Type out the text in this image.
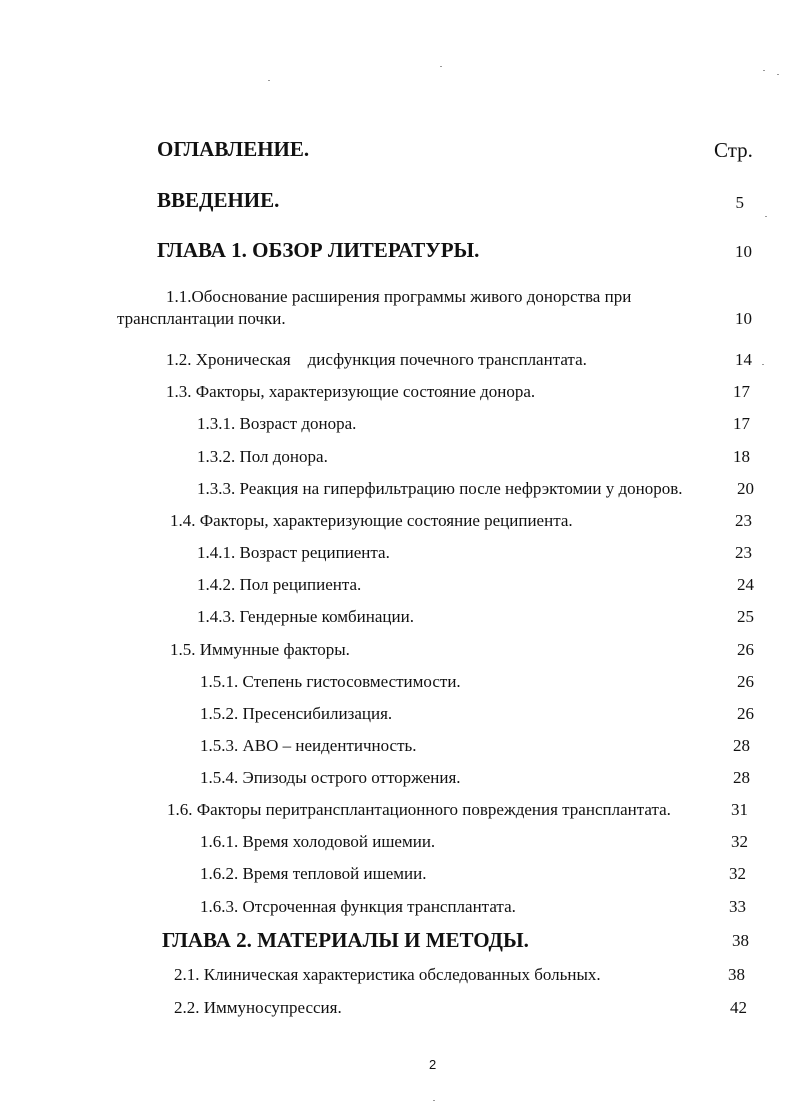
ОГЛАВЛЕНИЕ.	Стр.
ВВЕДЕНИЕ.	5
ГЛАВА 1. ОБЗОР ЛИТЕРАТУРЫ.	10
1.1.Обоснование расширения программы живого донорства при
трансплантации почки.	10
1.2. Хроническая    дисфункция почечного трансплантата.	14
1.3. Факторы, характеризующие состояние донора.	17
1.3.1. Возраст донора.	17
1.3.2. Пол донора.	18
1.3.3. Реакция на гиперфильтрацию после нефрэктомии у доноров.	20
1.4. Факторы, характеризующие состояние реципиента.	23
1.4.1. Возраст реципиента.	23
1.4.2. Пол реципиента.	24
1.4.3. Гендерные комбинации.	25
1.5. Иммунные факторы.	26
1.5.1. Степень гистосовместимости.	26
1.5.2. Пресенсибилизация.	26
1.5.3. АВО – неидентичность.	28
1.5.4. Эпизоды острого отторжения.	28
1.6. Факторы перитрансплантационного повреждения трансплантата.	31
1.6.1. Время холодовой ишемии.	32
1.6.2. Время тепловой ишемии.	32
1.6.3. Отсроченная функция трансплантата.	33
ГЛАВА 2. МАТЕРИАЛЫ И МЕТОДЫ.	38
2.1. Клиническая характеристика обследованных больных.	38
2.2. Иммуносупрессия.	42
2
